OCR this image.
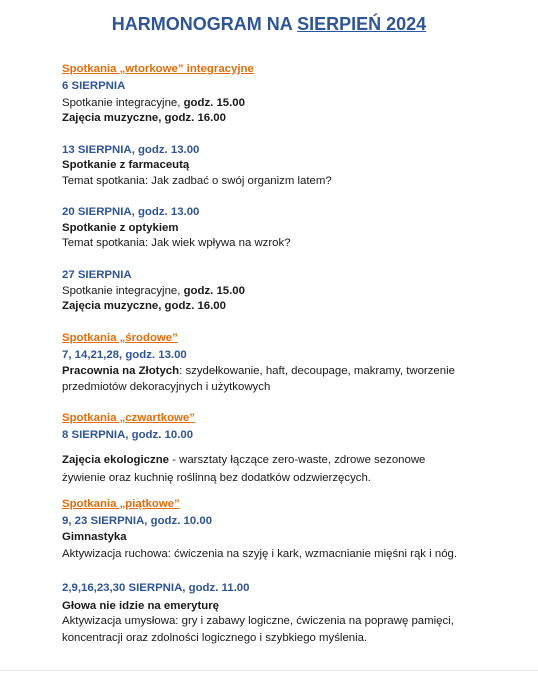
HARMONOGRAM NA SIERPIEŃ 2024

Spotkania „wtorkowe” integracyjne

6 SIERPNIA

Spotkanie integracyjne, godz. 15.00

Zajęcia muzyczne, godz. 16.00

13 SIERPNIA, godz. 13.00

Spotkanie z farmaceutą

Temat spotkania: Jak zadbać o swój organizm latem?

20 SIERPNIA, godz. 13.00

Spotkanie z optykiem

Temat spotkania: Jak wiek wpływa na wzrok?

27 SIERPNIA

Spotkanie integracyjne, godz. 15.00

Zajęcia muzyczne, godz. 16.00

Spotkania „środowe”

7, 14,21,28, godz. 13.00

Pracownia na Złotych: szydełkowanie, haft, decoupage, makramy, tworzenie

przedmiotów dekoracyjnych i użytkowych

Spotkania „czwartkowe”

8 SIERPNIA, godz. 10.00

Zajęcia ekologiczne - warsztaty łączące zero-waste, zdrowe sezonowe

żywienie oraz kuchnię roślinną bez dodatków odzwierzęcych.

Spotkania „piątkowe”

9, 23 SIERPNIA, godz. 10.00

Gimnastyka

Aktywizacja ruchowa: ćwiczenia na szyję i kark, wzmacnianie mięśni rąk i nóg.

2,9,16,23,30 SIERPNIA, godz. 11.00

Głowa nie idzie na emeryturę

Aktywizacja umysłowa: gry i zabawy logiczne, ćwiczenia na poprawę pamięci,

koncentracji oraz zdolności logicznego i szybkiego myślenia.
